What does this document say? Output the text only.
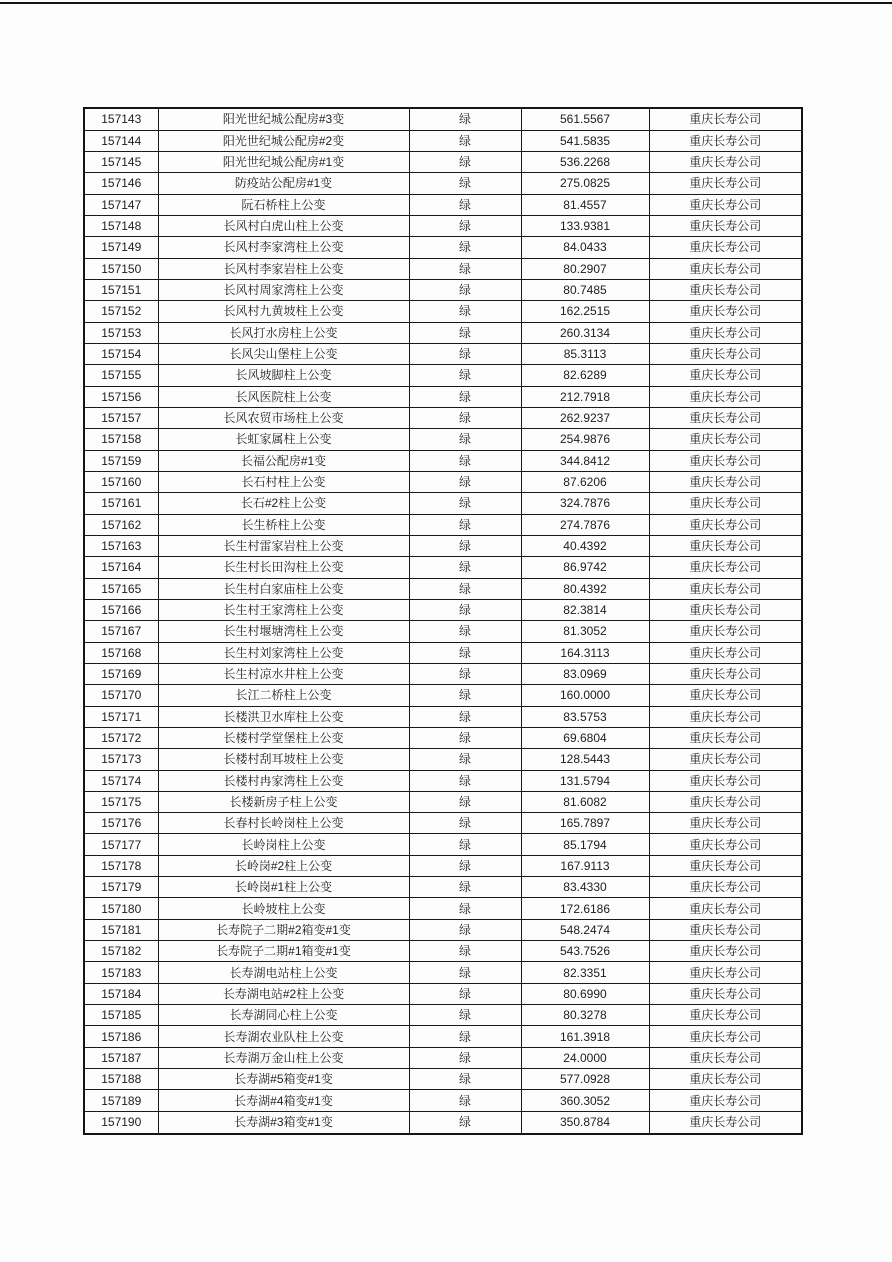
157143	阳光世纪城公配房#3变	绿	561.5567	重庆长寿公司
157144	阳光世纪城公配房#2变	绿	541.5835	重庆长寿公司
157145	阳光世纪城公配房#1变	绿	536.2268	重庆长寿公司
157146	防疫站公配房#1变	绿	275.0825	重庆长寿公司
157147	阮石桥柱上公变	绿	81.4557	重庆长寿公司
157148	长风村白虎山柱上公变	绿	133.9381	重庆长寿公司
157149	长风村李家湾柱上公变	绿	84.0433	重庆长寿公司
157150	长风村李家岩柱上公变	绿	80.2907	重庆长寿公司
157151	长风村周家湾柱上公变	绿	80.7485	重庆长寿公司
157152	长风村九黄坡柱上公变	绿	162.2515	重庆长寿公司
157153	长风打水房柱上公变	绿	260.3134	重庆长寿公司
157154	长风尖山堡柱上公变	绿	85.3113	重庆长寿公司
157155	长风坡脚柱上公变	绿	82.6289	重庆长寿公司
157156	长风医院柱上公变	绿	212.7918	重庆长寿公司
157157	长风农贸市场柱上公变	绿	262.9237	重庆长寿公司
157158	长虹家属柱上公变	绿	254.9876	重庆长寿公司
157159	长福公配房#1变	绿	344.8412	重庆长寿公司
157160	长石村柱上公变	绿	87.6206	重庆长寿公司
157161	长石#2柱上公变	绿	324.7876	重庆长寿公司
157162	长生桥柱上公变	绿	274.7876	重庆长寿公司
157163	长生村雷家岩柱上公变	绿	40.4392	重庆长寿公司
157164	长生村长田沟柱上公变	绿	86.9742	重庆长寿公司
157165	长生村白家庙柱上公变	绿	80.4392	重庆长寿公司
157166	长生村王家湾柱上公变	绿	82.3814	重庆长寿公司
157167	长生村堰塘湾柱上公变	绿	81.3052	重庆长寿公司
157168	长生村刘家湾柱上公变	绿	164.3113	重庆长寿公司
157169	长生村凉水井柱上公变	绿	83.0969	重庆长寿公司
157170	长江二桥柱上公变	绿	160.0000	重庆长寿公司
157171	长楼洪卫水库柱上公变	绿	83.5753	重庆长寿公司
157172	长楼村学堂堡柱上公变	绿	69.6804	重庆长寿公司
157173	长楼村刮耳坡柱上公变	绿	128.5443	重庆长寿公司
157174	长楼村冉家湾柱上公变	绿	131.5794	重庆长寿公司
157175	长楼新房子柱上公变	绿	81.6082	重庆长寿公司
157176	长春村长岭岗柱上公变	绿	165.7897	重庆长寿公司
157177	长岭岗柱上公变	绿	85.1794	重庆长寿公司
157178	长岭岗#2柱上公变	绿	167.9113	重庆长寿公司
157179	长岭岗#1柱上公变	绿	83.4330	重庆长寿公司
157180	长岭坡柱上公变	绿	172.6186	重庆长寿公司
157181	长寿院子二期#2箱变#1变	绿	548.2474	重庆长寿公司
157182	长寿院子二期#1箱变#1变	绿	543.7526	重庆长寿公司
157183	长寿湖电站柱上公变	绿	82.3351	重庆长寿公司
157184	长寿湖电站#2柱上公变	绿	80.6990	重庆长寿公司
157185	长寿湖同心柱上公变	绿	80.3278	重庆长寿公司
157186	长寿湖农业队柱上公变	绿	161.3918	重庆长寿公司
157187	长寿湖万金山柱上公变	绿	24.0000	重庆长寿公司
157188	长寿湖#5箱变#1变	绿	577.0928	重庆长寿公司
157189	长寿湖#4箱变#1变	绿	360.3052	重庆长寿公司
157190	长寿湖#3箱变#1变	绿	350.8784	重庆长寿公司
